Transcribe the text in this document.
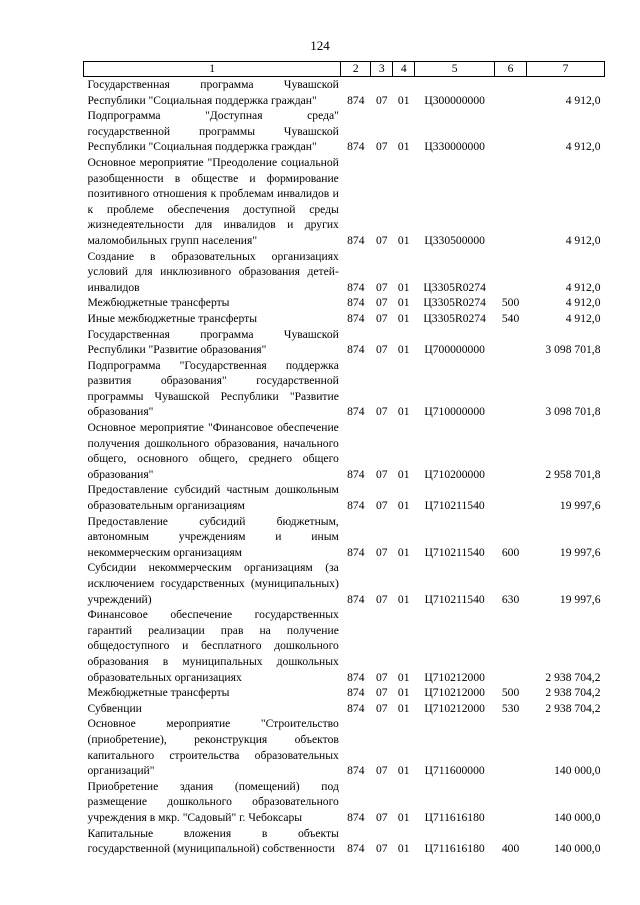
124
1	2	3	4	5	6	7
Государственная программа Чувашской Республики "Социальная поддержка граждан"	874	07	01	Ц300000000		4 912,0
Подпрограмма "Доступная среда" государственной программы Чувашской Республики "Социальная поддержка граждан"	874	07	01	Ц330000000		4 912,0
Основное мероприятие "Преодоление социальной разобщенности в обществе и формирование позитивного отношения к проблемам инвалидов и к проблеме обеспечения доступной среды жизнедеятельности для инвалидов и других маломобильных групп населения"	874	07	01	Ц330500000		4 912,0
Создание в образовательных организациях условий для инклюзивного образования детей-инвалидов	874	07	01	Ц3305R0274		4 912,0
Межбюджетные трансферты	874	07	01	Ц3305R0274	500	4 912,0
Иные межбюджетные трансферты	874	07	01	Ц3305R0274	540	4 912,0
Государственная программа Чувашской Республики "Развитие образования"	874	07	01	Ц700000000		3 098 701,8
Подпрограмма "Государственная поддержка развития образования" государственной программы Чувашской Республики "Развитие образования"	874	07	01	Ц710000000		3 098 701,8
Основное мероприятие "Финансовое обеспечение получения дошкольного образования, начального общего, основного общего, среднего общего образования"	874	07	01	Ц710200000		2 958 701,8
Предоставление субсидий частным дошкольным образовательным организациям	874	07	01	Ц710211540		19 997,6
Предоставление субсидий бюджетным, автономным учреждениям и иным некоммерческим организациям	874	07	01	Ц710211540	600	19 997,6
Субсидии некоммерческим организациям (за исключением государственных (муниципальных) учреждений)	874	07	01	Ц710211540	630	19 997,6
Финансовое обеспечение государственных гарантий реализации прав на получение общедоступного и бесплатного дошкольного образования в муниципальных дошкольных образовательных организациях	874	07	01	Ц710212000		2 938 704,2
Межбюджетные трансферты	874	07	01	Ц710212000	500	2 938 704,2
Субвенции	874	07	01	Ц710212000	530	2 938 704,2
Основное мероприятие "Строительство (приобретение), реконструкция объектов капитального строительства образовательных организаций"	874	07	01	Ц711600000		140 000,0
Приобретение здания (помещений) под размещение дошкольного образовательного учреждения в мкр. "Садовый" г. Чебоксары	874	07	01	Ц711616180		140 000,0
Капитальные вложения в объекты государственной (муниципальной) собственности	874	07	01	Ц711616180	400	140 000,0
